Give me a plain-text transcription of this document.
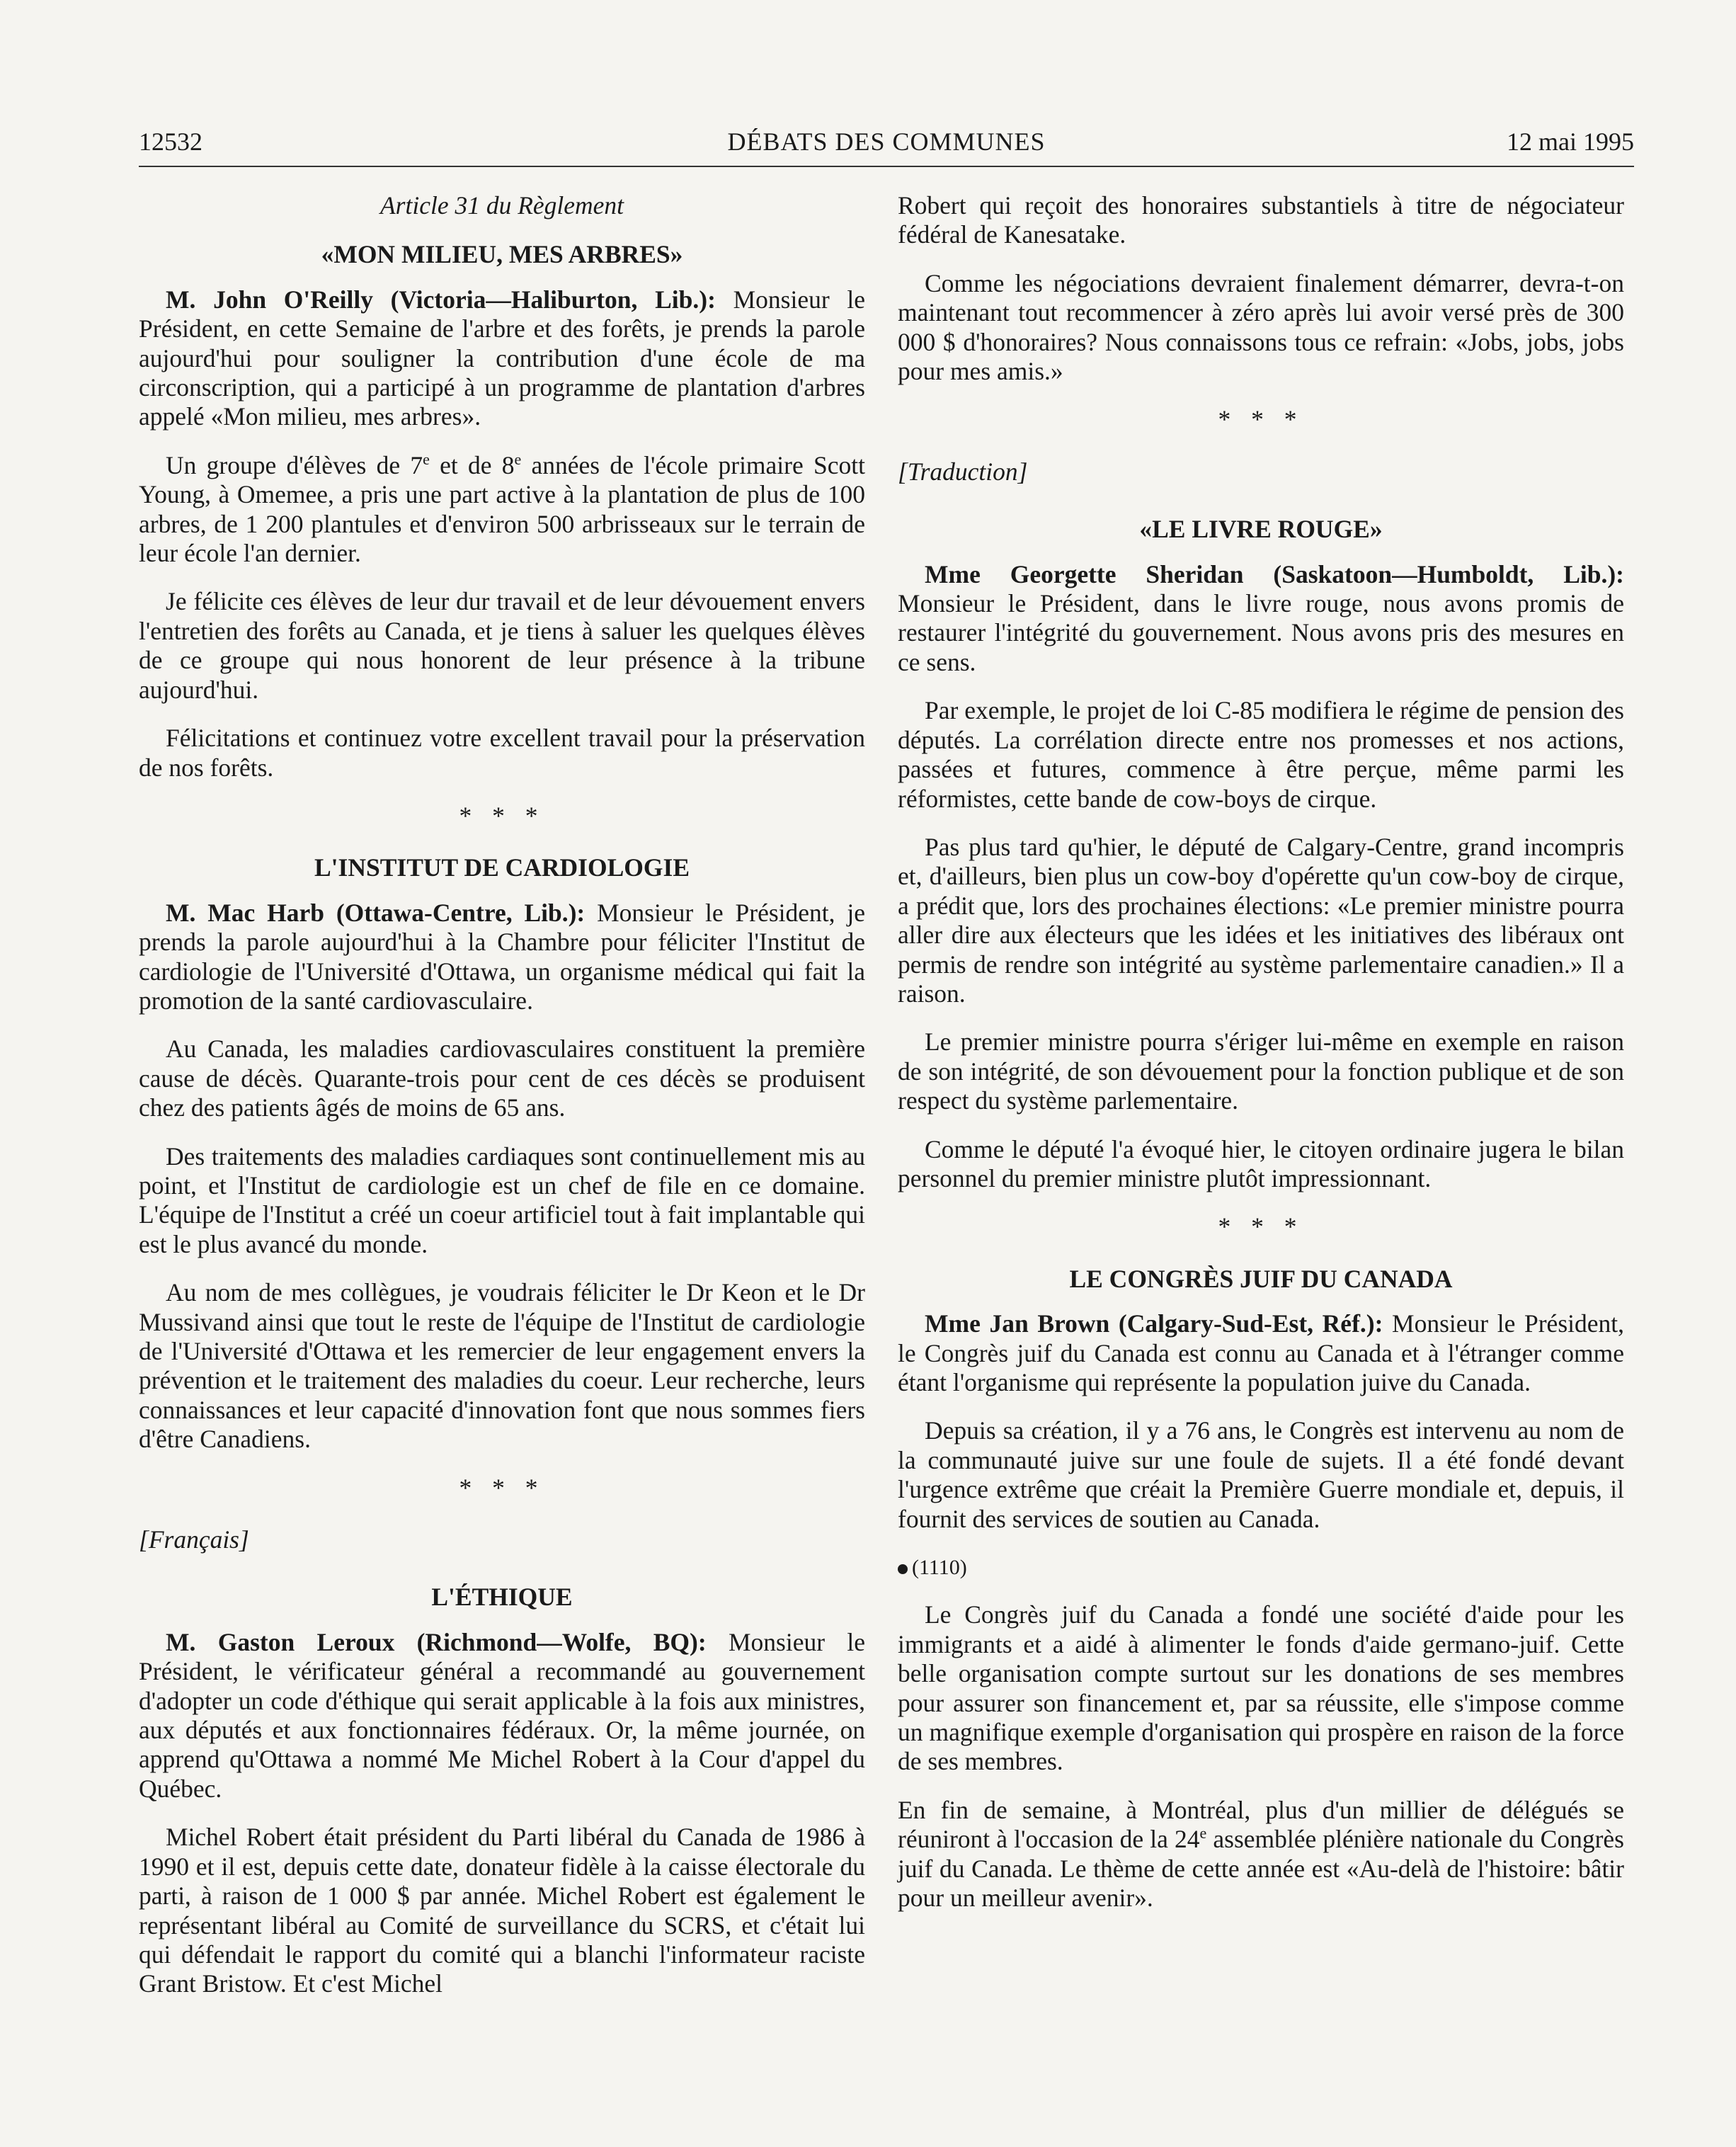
12532	DÉBATS DES COMMUNES	12 mai 1995
Article 31 du Règlement
«MON MILIEU, MES ARBRES»

M. John O'Reilly (Victoria—Haliburton, Lib.): Monsieur le Président, en cette Semaine de l'arbre et des forêts, je prends la parole aujourd'hui pour souligner la contribution d'une école de ma circonscription, qui a participé à un programme de plantation d'arbres appelé «Mon milieu, mes arbres».

Un groupe d'élèves de 7e et de 8e années de l'école primaire Scott Young, à Omemee, a pris une part active à la plantation de plus de 100 arbres, de 1 200 plantules et d'environ 500 arbrisseaux sur le terrain de leur école l'an dernier.

Je félicite ces élèves de leur dur travail et de leur dévouement envers l'entretien des forêts au Canada, et je tiens à saluer les quelques élèves de ce groupe qui nous honorent de leur présence à la tribune aujourd'hui.

Félicitations et continuez votre excellent travail pour la préservation de nos forêts.

* * *
L'INSTITUT DE CARDIOLOGIE

M. Mac Harb (Ottawa-Centre, Lib.): Monsieur le Président, je prends la parole aujourd'hui à la Chambre pour féliciter l'Institut de cardiologie de l'Université d'Ottawa, un organisme médical qui fait la promotion de la santé cardiovasculaire.

Au Canada, les maladies cardiovasculaires constituent la première cause de décès. Quarante-trois pour cent de ces décès se produisent chez des patients âgés de moins de 65 ans.

Des traitements des maladies cardiaques sont continuellement mis au point, et l'Institut de cardiologie est un chef de file en ce domaine. L'équipe de l'Institut a créé un coeur artificiel tout à fait implantable qui est le plus avancé du monde.

Au nom de mes collègues, je voudrais féliciter le Dr Keon et le Dr Mussivand ainsi que tout le reste de l'équipe de l'Institut de cardiologie de l'Université d'Ottawa et les remercier de leur engagement envers la prévention et le traitement des maladies du coeur. Leur recherche, leurs connaissances et leur capacité d'innovation font que nous sommes fiers d'être Canadiens.

* * *
[Français]
L'ÉTHIQUE

M. Gaston Leroux (Richmond—Wolfe, BQ): Monsieur le Président, le vérificateur général a recommandé au gouvernement d'adopter un code d'éthique qui serait applicable à la fois aux ministres, aux députés et aux fonctionnaires fédéraux. Or, la même journée, on apprend qu'Ottawa a nommé Me Michel Robert à la Cour d'appel du Québec.

Michel Robert était président du Parti libéral du Canada de 1986 à 1990 et il est, depuis cette date, donateur fidèle à la caisse électorale du parti, à raison de 1 000 $ par année. Michel Robert est également le représentant libéral au Comité de surveillance du SCRS, et c'était lui qui défendait le rapport du comité qui a blanchi l'informateur raciste Grant Bristow. Et c'est Michel

Robert qui reçoit des honoraires substantiels à titre de négociateur fédéral de Kanesatake.

Comme les négociations devraient finalement démarrer, devra-t-on maintenant tout recommencer à zéro après lui avoir versé près de 300 000 $ d'honoraires? Nous connaissons tous ce refrain: «Jobs, jobs, jobs pour mes amis.»

* * *
[Traduction]
«LE LIVRE ROUGE»

Mme Georgette Sheridan (Saskatoon—Humboldt, Lib.): Monsieur le Président, dans le livre rouge, nous avons promis de restaurer l'intégrité du gouvernement. Nous avons pris des mesures en ce sens.

Par exemple, le projet de loi C-85 modifiera le régime de pension des députés. La corrélation directe entre nos promesses et nos actions, passées et futures, commence à être perçue, même parmi les réformistes, cette bande de cow-boys de cirque.

Pas plus tard qu'hier, le député de Calgary-Centre, grand incompris et, d'ailleurs, bien plus un cow-boy d'opérette qu'un cow-boy de cirque, a prédit que, lors des prochaines élections: «Le premier ministre pourra aller dire aux électeurs que les idées et les initiatives des libéraux ont permis de rendre son intégrité au système parlementaire canadien.» Il a raison.

Le premier ministre pourra s'ériger lui-même en exemple en raison de son intégrité, de son dévouement pour la fonction publique et de son respect du système parlementaire.

Comme le député l'a évoqué hier, le citoyen ordinaire jugera le bilan personnel du premier ministre plutôt impressionnant.

* * *
LE CONGRÈS JUIF DU CANADA

Mme Jan Brown (Calgary-Sud-Est, Réf.): Monsieur le Président, le Congrès juif du Canada est connu au Canada et à l'étranger comme étant l'organisme qui représente la population juive du Canada.

Depuis sa création, il y a 76 ans, le Congrès est intervenu au nom de la communauté juive sur une foule de sujets. Il a été fondé devant l'urgence extrême que créait la Première Guerre mondiale et, depuis, il fournit des services de soutien au Canada.

(1110)

Le Congrès juif du Canada a fondé une société d'aide pour les immigrants et a aidé à alimenter le fonds d'aide germano-juif. Cette belle organisation compte surtout sur les donations de ses membres pour assurer son financement et, par sa réussite, elle s'impose comme un magnifique exemple d'organisation qui prospère en raison de la force de ses membres.

En fin de semaine, à Montréal, plus d'un millier de délégués se réuniront à l'occasion de la 24e assemblée plénière nationale du Congrès juif du Canada. Le thème de cette année est «Au-delà de l'histoire: bâtir pour un meilleur avenir».
